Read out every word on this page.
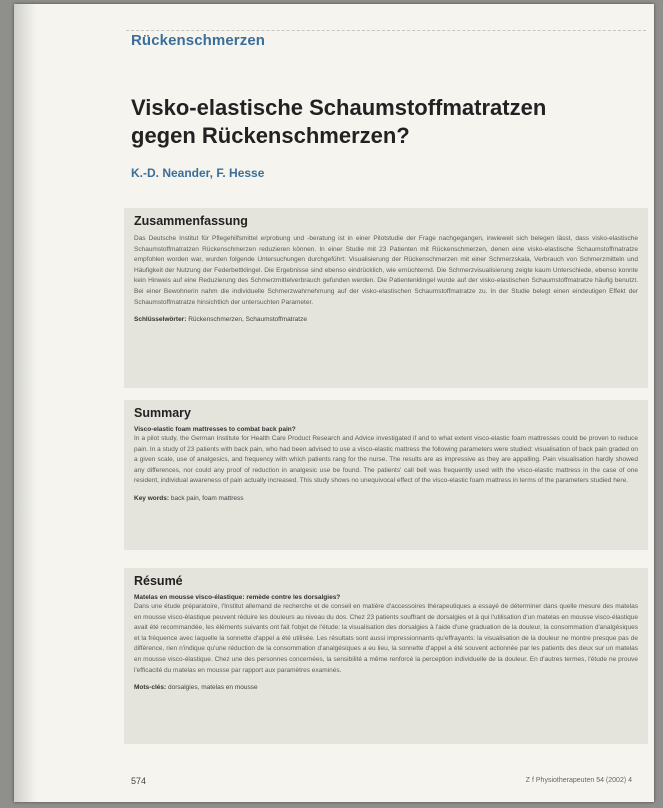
Rückenschmerzen
Visko-elastische Schaumstoffmatratzen
gegen Rückenschmerzen?
K.-D. Neander, F. Hesse
Zusammenfassung

Das Deutsche Institut für Pflegehilfsmittel erprobung und -beratung ist in einer Pilotstudie der Frage nachgegangen, inwieweit sich belegen lässt, dass visko-elastische Schaumstoffmatratzen Rückenschmerzen reduzieren können. In einer Studie mit 23 Patienten mit Rückenschmerzen, denen eine visko-elastische Schaumstoffmatratze empfohlen worden war, wurden folgende Untersuchungen durchgeführt: Visualisierung der Rückenschmerzen mit einer Schmerzskala, Verbrauch von Schmerzmitteln und Häufigkeit der Nutzung der Federbettklingel. Die Ergebnisse sind ebenso eindrücklich, wie ernüchternd. Die Schmerzvisualisierung zeigte kaum Unterschiede, ebenso konnte kein Hinweis auf eine Reduzierung des Schmerzmittelverbrauch gefunden werden. Die Patientenklingel wurde auf der visko-elastischen Schaumstoffmatratze häufig benutzt. Bei einer Bewohnerin nahm die individuelle Schmerzwahrnehmung auf der visko-elastischen Schaumstoffmatratze zu. In der Studie belegt einen eindeutigen Effekt der Schaumstoffmatratze hinsichtlich der untersuchten Parameter.

Schlüsselwörter: Rückenschmerzen, Schaumstoffmatratze

Summary
Visco-elastic foam mattresses to combat back pain?

In a pilot study, the German Institute for Health Care Product Research and Advice investigated if and to what extent visco-elastic foam mattresses could be proven to reduce pain. In a study of 23 patients with back pain, who had been advised to use a visco-elastic mattress the following parameters were studied: visualisation of back pain graded on a given scale, use of analgesics, and frequency with which patients rang for the nurse. The results are as impressive as they are appalling. Pain visualisation hardly showed any differences, nor could any proof of reduction in analgesic use be found. The patients' call bell was frequently used with the visco-elastic mattress in the case of one resident, individual awareness of pain actually increased. This study shows no unequivocal effect of the visco-elastic foam mattress in terms of the parameters studied here.

Key words: back pain, foam mattress

Résumé
Matelas en mousse visco-élastique: remède contre les dorsalgies?

Dans une étude préparatoire, l'Institut allemand de recherche et de conseil en matière d'accessoires thérapeutiques a essayé de déterminer dans quelle mesure des matelas en mousse visco-élastique peuvent réduire les douleurs au niveau du dos. Chez 23 patients souffrant de dorsalgies et à qui l'utilisation d'un matelas en mousse visco-élastique avait été recommandée, les éléments suivants ont fait l'objet de l'étude: la visualisation des dorsalgies à l'aide d'une graduation de la douleur, la consommation d'analgésiques et la fréquence avec laquelle la sonnette d'appel a été utilisée. Les résultats sont aussi impressionnants qu'effrayants: la visualisation de la douleur ne montre presque pas de différence, rien n'indique qu'une réduction de la consommation d'analgésiques a eu lieu, la sonnette d'appel a été souvent actionnée par les patients des deux sur un matelas en mousse visco-élastique. Chez une des personnes concernées, la sensibilité a même renforcé la perception individuelle de la douleur. En d'autres termes, l'étude ne prouve l'efficacité du matelas en mousse par rapport aux paramètres examinés.

Mots-clés: dorsalgies, matelas en mousse

574	Z f Physiotherapeuten 54 (2002) 4
